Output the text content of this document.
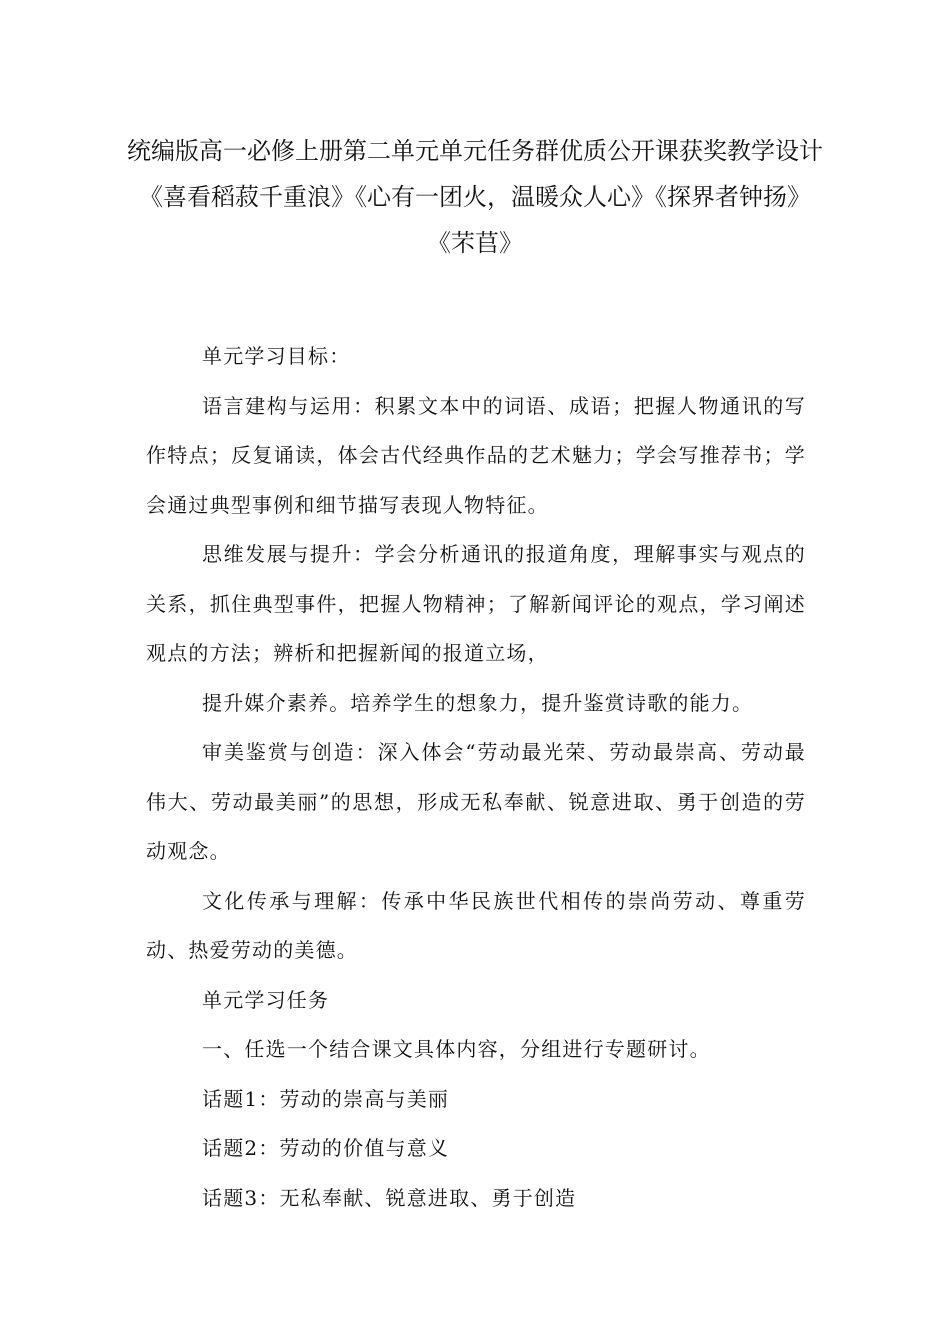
统编版高一必修上册第二单元单元任务群优质公开课获奖教学设计
《喜看稻菽千重浪》《心有一团火，温暖众人心》《探界者钟扬》
《芣苢》

单元学习目标：

语言建构与运用：积累文本中的词语、成语；把握人物通讯的写作特点；反复诵读，体会古代经典作品的艺术魅力；学会写推荐书；学会通过典型事例和细节描写表现人物特征。

思维发展与提升：学会分析通讯的报道角度，理解事实与观点的关系，抓住典型事件，把握人物精神；了解新闻评论的观点，学习阐述观点的方法；辨析和把握新闻的报道立场，

提升媒介素养。培养学生的想象力，提升鉴赏诗歌的能力。

审美鉴赏与创造：深入体会“劳动最光荣、劳动最崇高、劳动最伟大、劳动最美丽”的思想，形成无私奉献、锐意进取、勇于创造的劳动观念。

文化传承与理解：传承中华民族世代相传的崇尚劳动、尊重劳动、热爱劳动的美德。

单元学习任务

一、任选一个结合课文具体内容，分组进行专题研讨。

话题1：劳动的崇高与美丽

话题2：劳动的价值与意义

话题3：无私奉献、锐意进取、勇于创造
